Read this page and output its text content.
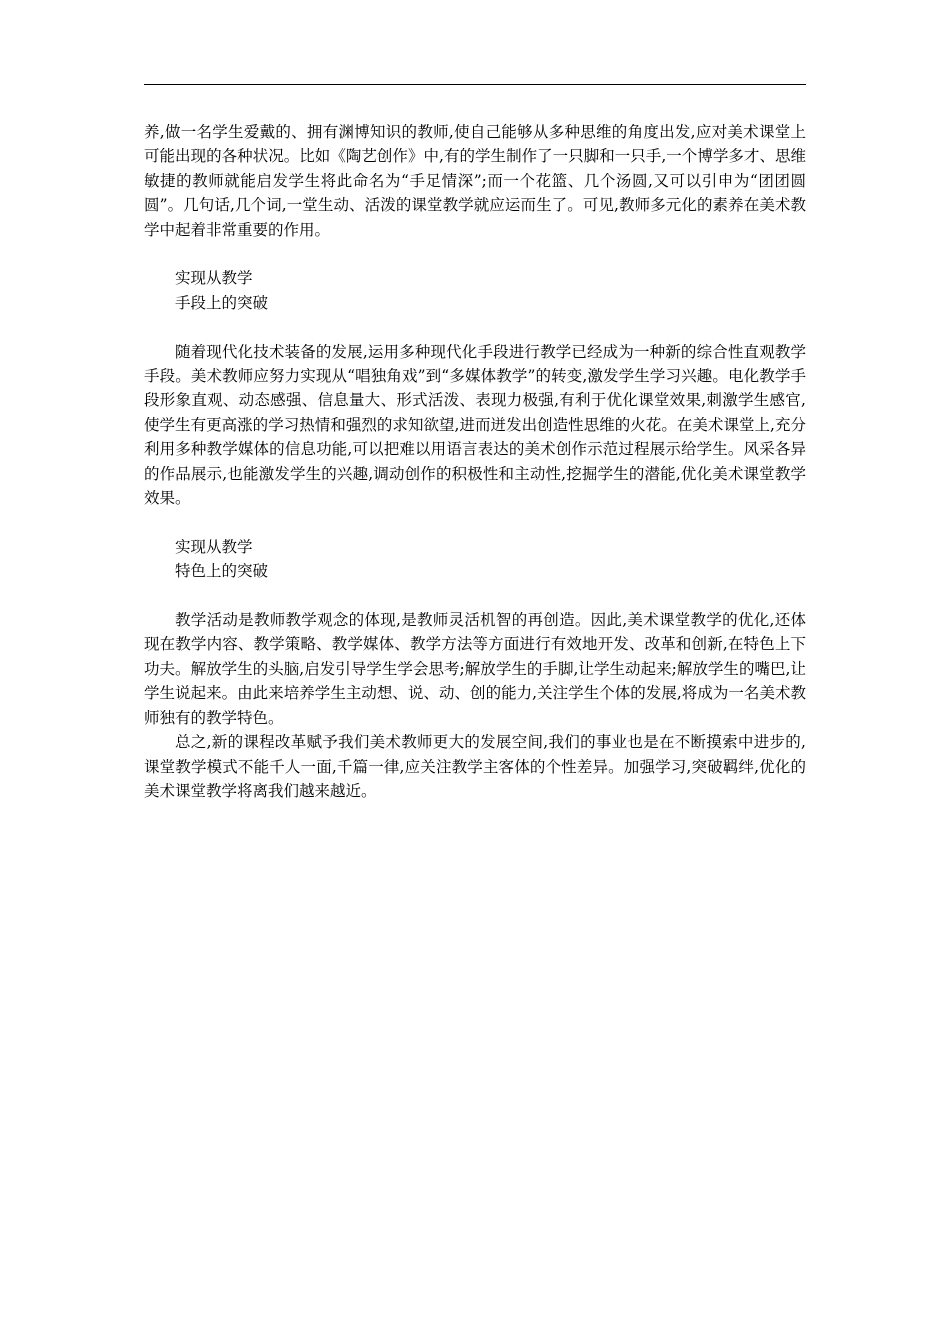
养,做一名学生爱戴的、拥有渊博知识的教师,使自己能够从多种思维的角度出发,应对美术课堂上可能出现的各种状况。比如《陶艺创作》中,有的学生制作了一只脚和一只手,一个博学多才、思维敏捷的教师就能启发学生将此命名为“手足情深”;而一个花篮、几个汤圆,又可以引申为“团团圆圆”。几句话,几个词,一堂生动、活泼的课堂教学就应运而生了。可见,教师多元化的素养在美术教学中起着非常重要的作用。

实现从教学

手段上的突破

随着现代化技术装备的发展,运用多种现代化手段进行教学已经成为一种新的综合性直观教学手段。美术教师应努力实现从“唱独角戏”到“多媒体教学”的转变,激发学生学习兴趣。电化教学手段形象直观、动态感强、信息量大、形式活泼、表现力极强,有利于优化课堂效果,刺激学生感官,使学生有更高涨的学习热情和强烈的求知欲望,进而迸发出创造性思维的火花。在美术课堂上,充分利用多种教学媒体的信息功能,可以把难以用语言表达的美术创作示范过程展示给学生。风采各异的作品展示,也能激发学生的兴趣,调动创作的积极性和主动性,挖掘学生的潜能,优化美术课堂教学效果。

实现从教学

特色上的突破

教学活动是教师教学观念的体现,是教师灵活机智的再创造。因此,美术课堂教学的优化,还体现在教学内容、教学策略、教学媒体、教学方法等方面进行有效地开发、改革和创新,在特色上下功夫。解放学生的头脑,启发引导学生学会思考;解放学生的手脚,让学生动起来;解放学生的嘴巴,让学生说起来。由此来培养学生主动想、说、动、创的能力,关注学生个体的发展,将成为一名美术教师独有的教学特色。

总之,新的课程改革赋予我们美术教师更大的发展空间,我们的事业也是在不断摸索中进步的,课堂教学模式不能千人一面,千篇一律,应关注教学主客体的个性差异。加强学习,突破羁绊,优化的美术课堂教学将离我们越来越近。
